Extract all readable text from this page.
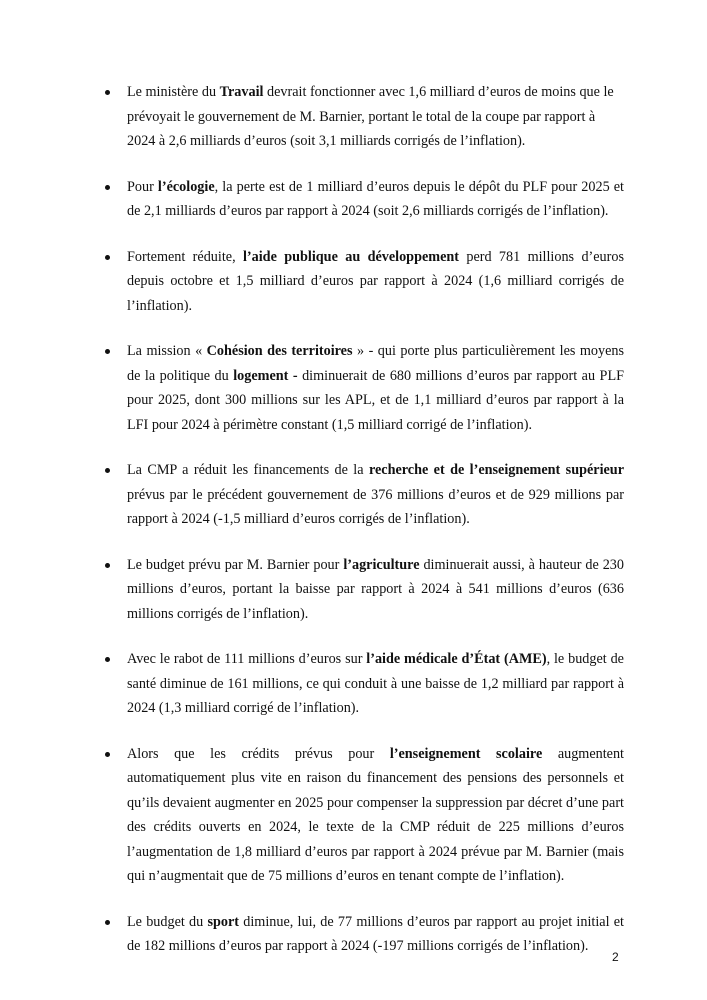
Le ministère du Travail devrait fonctionner avec 1,6 milliard d’euros de moins que le prévoyait le gouvernement de M. Barnier, portant le total de la coupe par rapport à 2024 à 2,6 milliards d’euros (soit 3,1 milliards corrigés de l’inflation).
Pour l’écologie, la perte est de 1 milliard d’euros depuis le dépôt du PLF pour 2025 et de 2,1 milliards d’euros par rapport à 2024 (soit 2,6 milliards corrigés de l’inflation).
Fortement réduite, l’aide publique au développement perd 781 millions d’euros depuis octobre et 1,5 milliard d’euros par rapport à 2024 (1,6 milliard corrigés de l’inflation).
La mission « Cohésion des territoires » - qui porte plus particulièrement les moyens de la politique du logement - diminuerait de 680 millions d’euros par rapport au PLF pour 2025, dont 300 millions sur les APL, et de 1,1 milliard d’euros par rapport à la LFI pour 2024 à périmètre constant (1,5 milliard corrigé de l’inflation).
La CMP a réduit les financements de la recherche et de l’enseignement supérieur prévus par le précédent gouvernement de 376 millions d’euros et de 929 millions par rapport à 2024 (-1,5 milliard d’euros corrigés de l’inflation).
Le budget prévu par M. Barnier pour l’agriculture diminuerait aussi, à hauteur de 230 millions d’euros, portant la baisse par rapport à 2024 à 541 millions d’euros (636 millions corrigés de l’inflation).
Avec le rabot de 111 millions d’euros sur l’aide médicale d’État (AME), le budget de santé diminue de 161 millions, ce qui conduit à une baisse de 1,2 milliard par rapport à 2024 (1,3 milliard corrigé de l’inflation).
Alors que les crédits prévus pour l’enseignement scolaire augmentent automatiquement plus vite en raison du financement des pensions des personnels et qu’ils devaient augmenter en 2025 pour compenser la suppression par décret d’une part des crédits ouverts en 2024, le texte de la CMP réduit de 225 millions d’euros l’augmentation de 1,8 milliard d’euros par rapport à 2024 prévue par M. Barnier (mais qui n’augmentait que de 75 millions d’euros en tenant compte de l’inflation).
Le budget du sport diminue, lui, de 77 millions d’euros par rapport au projet initial et de 182 millions d’euros par rapport à 2024 (-197 millions corrigés de l’inflation).
2
